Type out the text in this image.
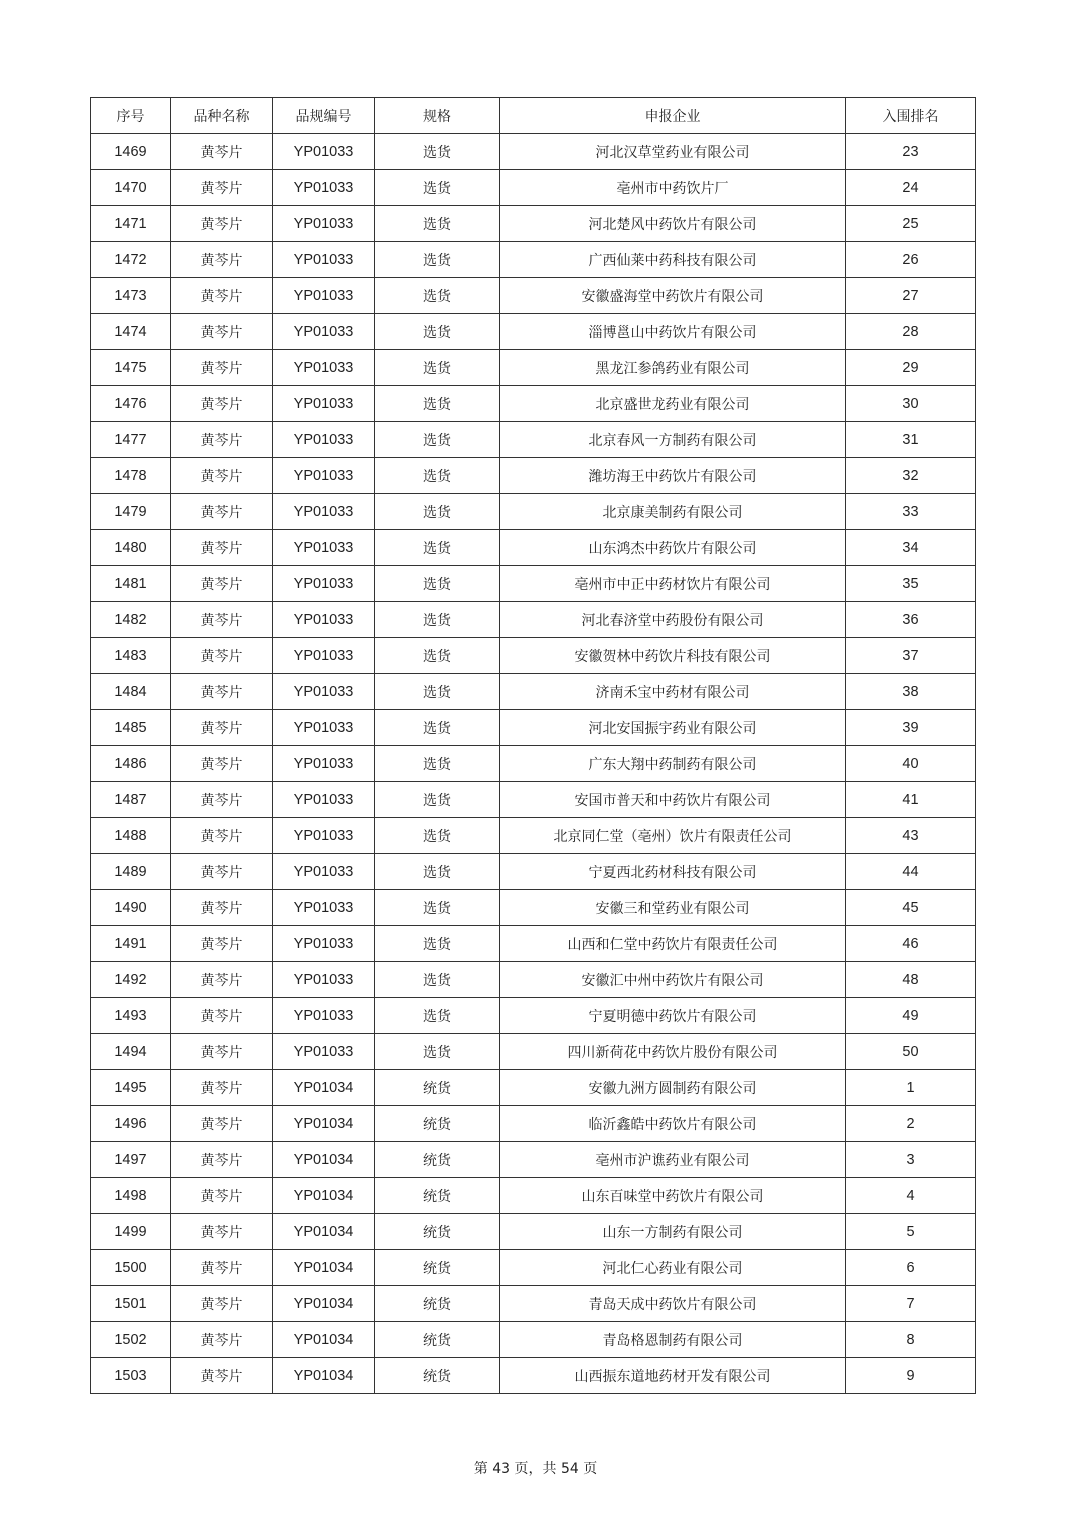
序号	品种名称	品规编号	规格	申报企业	入围排名
1469	黄芩片	YP01033	选货	河北汉草堂药业有限公司	23
1470	黄芩片	YP01033	选货	亳州市中药饮片厂	24
1471	黄芩片	YP01033	选货	河北楚风中药饮片有限公司	25
1472	黄芩片	YP01033	选货	广西仙莱中药科技有限公司	26
1473	黄芩片	YP01033	选货	安徽盛海堂中药饮片有限公司	27
1474	黄芩片	YP01033	选货	淄博邕山中药饮片有限公司	28
1475	黄芩片	YP01033	选货	黑龙江参鸽药业有限公司	29
1476	黄芩片	YP01033	选货	北京盛世龙药业有限公司	30
1477	黄芩片	YP01033	选货	北京春风一方制药有限公司	31
1478	黄芩片	YP01033	选货	潍坊海王中药饮片有限公司	32
1479	黄芩片	YP01033	选货	北京康美制药有限公司	33
1480	黄芩片	YP01033	选货	山东鸿杰中药饮片有限公司	34
1481	黄芩片	YP01033	选货	亳州市中正中药材饮片有限公司	35
1482	黄芩片	YP01033	选货	河北春济堂中药股份有限公司	36
1483	黄芩片	YP01033	选货	安徽贺林中药饮片科技有限公司	37
1484	黄芩片	YP01033	选货	济南禾宝中药材有限公司	38
1485	黄芩片	YP01033	选货	河北安国振宇药业有限公司	39
1486	黄芩片	YP01033	选货	广东大翔中药制药有限公司	40
1487	黄芩片	YP01033	选货	安国市普天和中药饮片有限公司	41
1488	黄芩片	YP01033	选货	北京同仁堂（亳州）饮片有限责任公司	43
1489	黄芩片	YP01033	选货	宁夏西北药材科技有限公司	44
1490	黄芩片	YP01033	选货	安徽三和堂药业有限公司	45
1491	黄芩片	YP01033	选货	山西和仁堂中药饮片有限责任公司	46
1492	黄芩片	YP01033	选货	安徽汇中州中药饮片有限公司	48
1493	黄芩片	YP01033	选货	宁夏明德中药饮片有限公司	49
1494	黄芩片	YP01033	选货	四川新荷花中药饮片股份有限公司	50
1495	黄芩片	YP01034	统货	安徽九洲方圆制药有限公司	1
1496	黄芩片	YP01034	统货	临沂鑫皓中药饮片有限公司	2
1497	黄芩片	YP01034	统货	亳州市沪谯药业有限公司	3
1498	黄芩片	YP01034	统货	山东百味堂中药饮片有限公司	4
1499	黄芩片	YP01034	统货	山东一方制药有限公司	5
1500	黄芩片	YP01034	统货	河北仁心药业有限公司	6
1501	黄芩片	YP01034	统货	青岛天成中药饮片有限公司	7
1502	黄芩片	YP01034	统货	青岛格恩制药有限公司	8
1503	黄芩片	YP01034	统货	山西振东道地药材开发有限公司	9
第 43 页，共 54 页
